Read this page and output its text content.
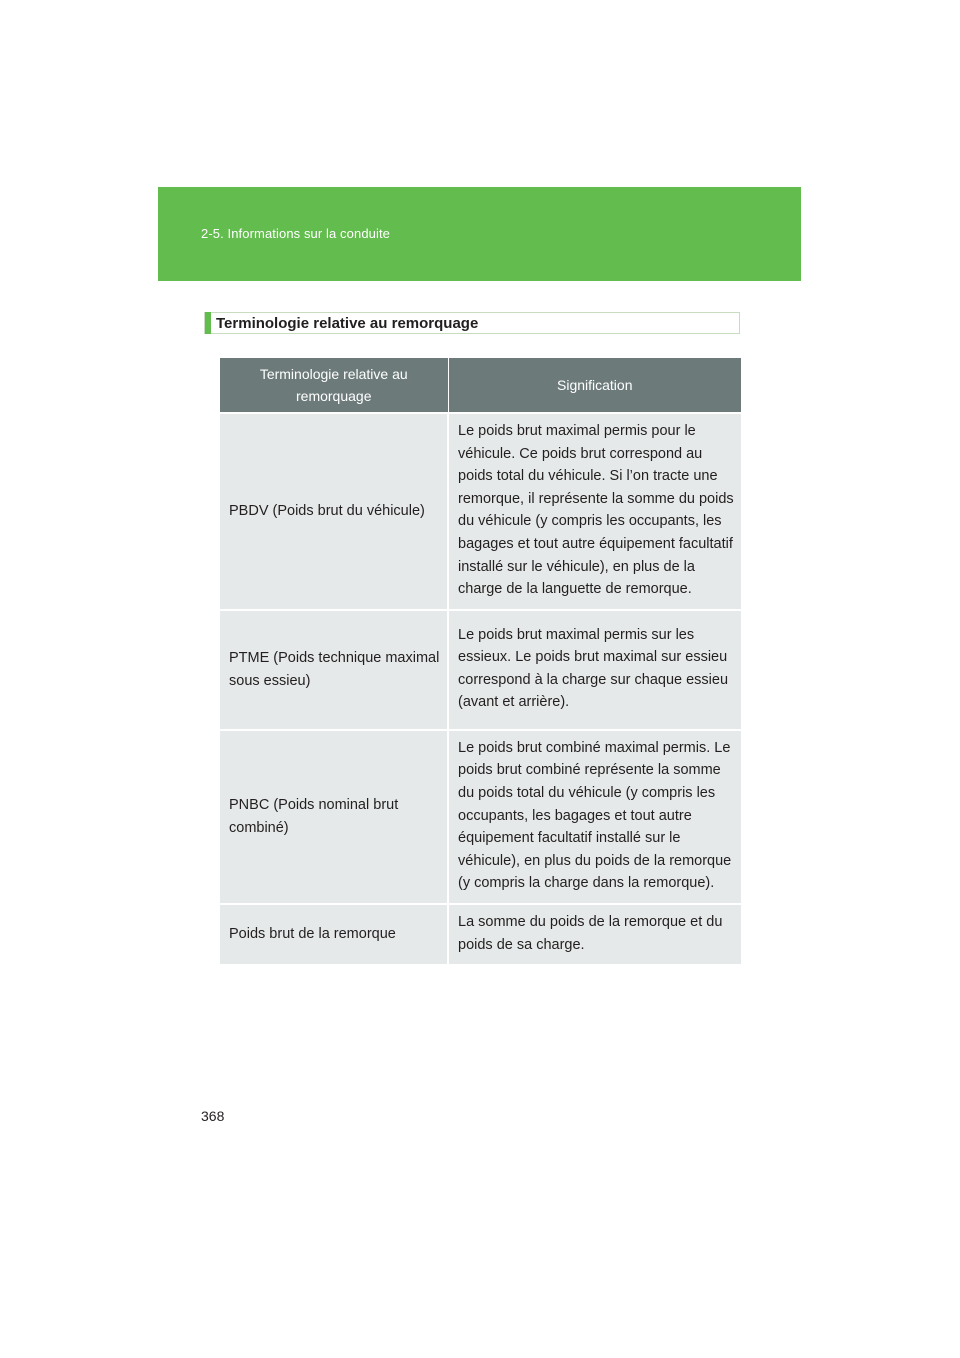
2-5. Informations sur la conduite
Terminologie relative au remorquage
Terminologie relative au remorquage	Signification
PBDV (Poids brut du véhicule)	Le poids brut maximal permis pour le véhicule. Ce poids brut correspond au poids total du véhicule. Si l’on tracte une remorque, il représente la somme du poids du véhicule (y compris les occupants, les bagages et tout autre équipement facultatif installé sur le véhicule), en plus de la charge de la languette de remorque.
PTME (Poids technique maximal sous essieu)	Le poids brut maximal permis sur les essieux. Le poids brut maximal sur essieu correspond à la charge sur chaque essieu (avant et arrière).
PNBC (Poids nominal brut combiné)	Le poids brut combiné maximal permis. Le poids brut combiné représente la somme du poids total du véhicule (y compris les occupants, les bagages et tout autre équipement facultatif installé sur le véhicule), en plus du poids de la remorque (y compris la charge dans la remorque).
Poids brut de la remorque	La somme du poids de la remorque et du poids de sa charge.
368
